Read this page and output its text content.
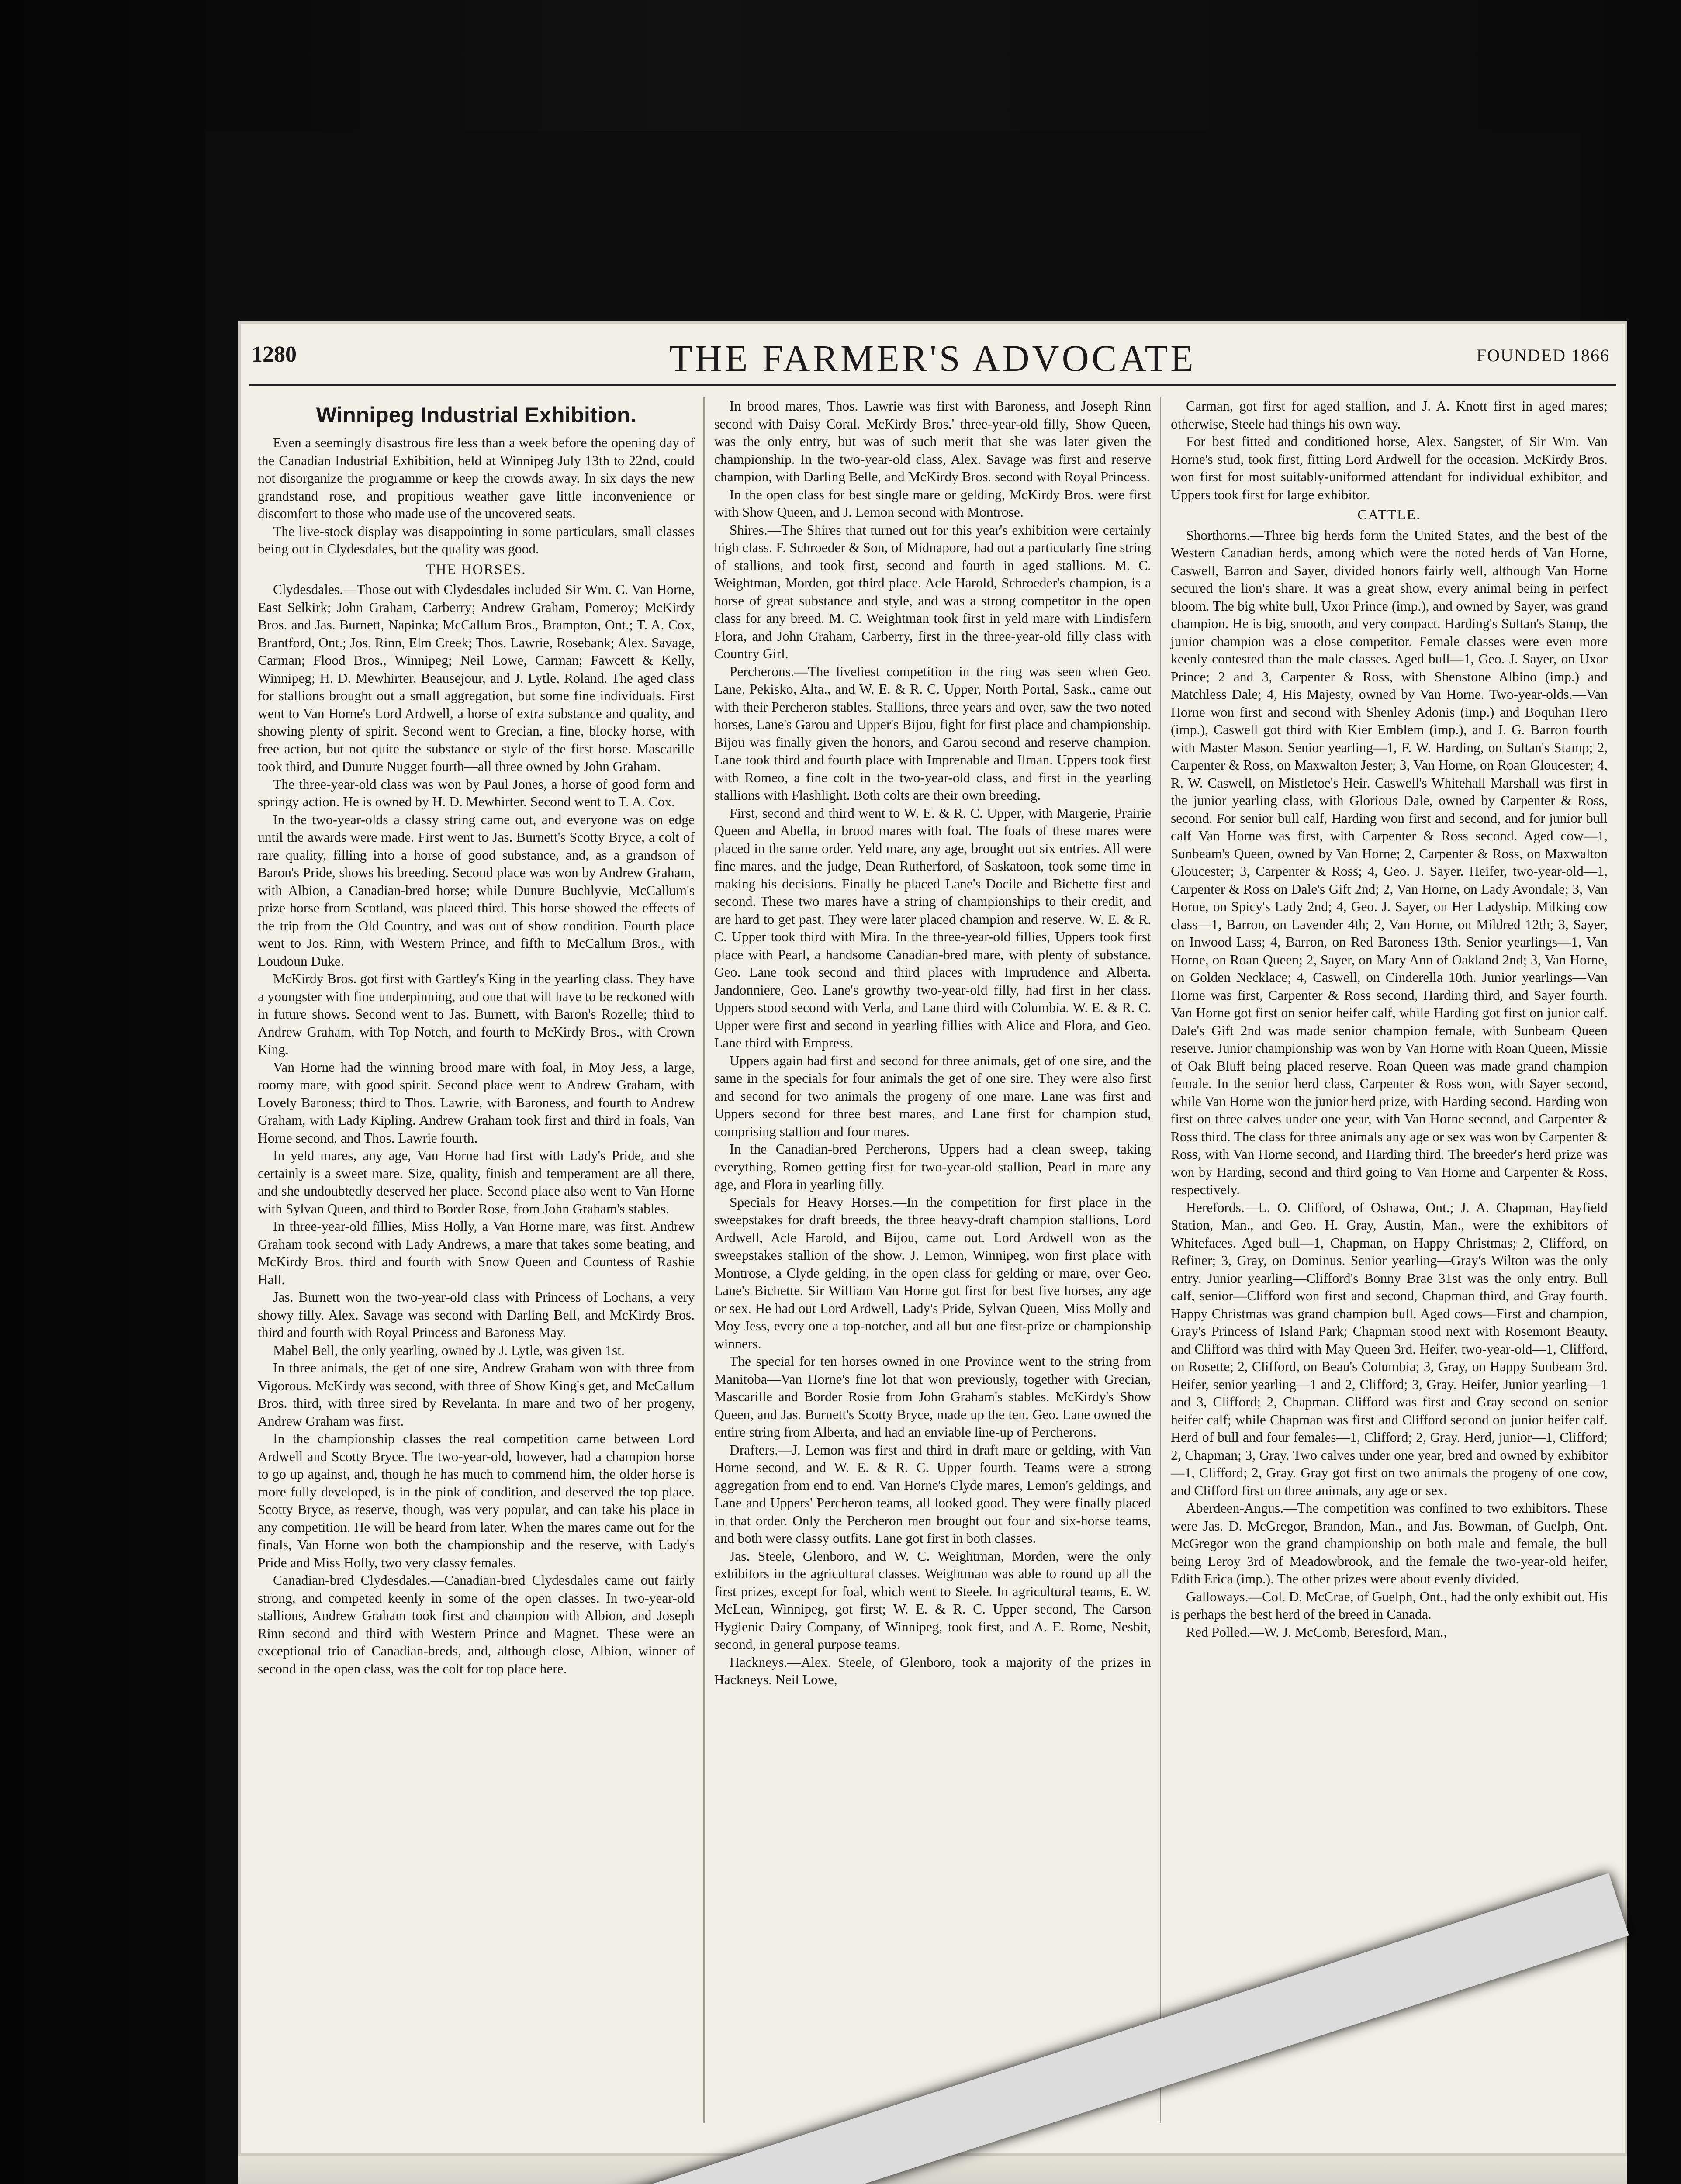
1280	THE FARMER'S ADVOCATE	FOUNDED 1866

Winnipeg Industrial Exhibition.

Even a seemingly disastrous fire less than a week before the opening day of the Canadian Industrial Exhibition, held at Winnipeg July 13th to 22nd, could not disorganize the programme or keep the crowds away. In six days the new grandstand rose, and propitious weather gave little inconvenience or discomfort to those who made use of the uncovered seats.

The live-stock display was disappointing in some particulars, small classes being out in Clydesdales, but the quality was good.

THE HORSES.

Clydesdales.—Those out with Clydesdales included Sir Wm. C. Van Horne, East Selkirk; John Graham, Carberry; Andrew Graham, Pomeroy; McKirdy Bros. and Jas. Burnett, Napinka; McCallum Bros., Brampton, Ont.; T. A. Cox, Brantford, Ont.; Jos. Rinn, Elm Creek; Thos. Lawrie, Rosebank; Alex. Savage, Carman; Flood Bros., Winnipeg; Neil Lowe, Carman; Fawcett & Kelly, Winnipeg; H. D. Mewhirter, Beausejour, and J. Lytle, Roland. The aged class for stallions brought out a small aggregation, but some fine individuals. First went to Van Horne's Lord Ardwell, a horse of extra substance and quality, and showing plenty of spirit. Second went to Grecian, a fine, blocky horse, with free action, but not quite the substance or style of the first horse. Mascarille took third, and Dunure Nugget fourth—all three owned by John Graham.

The three-year-old class was won by Paul Jones, a horse of good form and springy action. He is owned by H. D. Mewhirter. Second went to T. A. Cox.

In the two-year-olds a classy string came out, and everyone was on edge until the awards were made. First went to Jas. Burnett's Scotty Bryce, a colt of rare quality, filling into a horse of good substance, and, as a grandson of Baron's Pride, shows his breeding. Second place was won by Andrew Graham, with Albion, a Canadian-bred horse; while Dunure Buchlyvie, McCallum's prize horse from Scotland, was placed third. This horse showed the effects of the trip from the Old Country, and was out of show condition. Fourth place went to Jos. Rinn, with Western Prince, and fifth to McCallum Bros., with Loudoun Duke.

McKirdy Bros. got first with Gartley's King in the yearling class. They have a youngster with fine underpinning, and one that will have to be reckoned with in future shows. Second went to Jas. Burnett, with Baron's Rozelle; third to Andrew Graham, with Top Notch, and fourth to McKirdy Bros., with Crown King.

Van Horne had the winning brood mare with foal, in Moy Jess, a large, roomy mare, with good spirit. Second place went to Andrew Graham, with Lovely Baroness; third to Thos. Lawrie, with Baroness, and fourth to Andrew Graham, with Lady Kipling. Andrew Graham took first and third in foals, Van Horne second, and Thos. Lawrie fourth.

In yeld mares, any age, Van Horne had first with Lady's Pride, and she certainly is a sweet mare. Size, quality, finish and temperament are all there, and she undoubtedly deserved her place. Second place also went to Van Horne with Sylvan Queen, and third to Border Rose, from John Graham's stables.

In three-year-old fillies, Miss Holly, a Van Horne mare, was first. Andrew Graham took second with Lady Andrews, a mare that takes some beating, and McKirdy Bros. third and fourth with Snow Queen and Countess of Rashie Hall.

Jas. Burnett won the two-year-old class with Princess of Lochans, a very showy filly. Alex. Savage was second with Darling Bell, and McKirdy Bros. third and fourth with Royal Princess and Baroness May.

Mabel Bell, the only yearling, owned by J. Lytle, was given 1st.

In three animals, the get of one sire, Andrew Graham won with three from Vigorous. McKirdy was second, with three of Show King's get, and McCallum Bros. third, with three sired by Revelanta. In mare and two of her progeny, Andrew Graham was first.

In the championship classes the real competition came between Lord Ardwell and Scotty Bryce. The two-year-old, however, had a champion horse to go up against, and, though he has much to commend him, the older horse is more fully developed, is in the pink of condition, and deserved the top place. Scotty Bryce, as reserve, though, was very popular, and can take his place in any competition. He will be heard from later. When the mares came out for the finals, Van Horne won both the championship and the reserve, with Lady's Pride and Miss Holly, two very classy females.

Canadian-bred Clydesdales.—Canadian-bred Clydesdales came out fairly strong, and competed keenly in some of the open classes. In two-year-old stallions, Andrew Graham took first and champion with Albion, and Joseph Rinn second and third with Western Prince and Magnet. These were an exceptional trio of Canadian-breds, and, although close, Albion, winner of second in the open class, was the colt for top place here.

In brood mares, Thos. Lawrie was first with Baroness, and Joseph Rinn second with Daisy Coral. McKirdy Bros.' three-year-old filly, Show Queen, was the only entry, but was of such merit that she was later given the championship. In the two-year-old class, Alex. Savage was first and reserve champion, with Darling Belle, and McKirdy Bros. second with Royal Princess.

In the open class for best single mare or gelding, McKirdy Bros. were first with Show Queen, and J. Lemon second with Montrose.

Shires.—The Shires that turned out for this year's exhibition were certainly high class. F. Schroeder & Son, of Midnapore, had out a particularly fine string of stallions, and took first, second and fourth in aged stallions. M. C. Weightman, Morden, got third place. Acle Harold, Schroeder's champion, is a horse of great substance and style, and was a strong competitor in the open class for any breed. M. C. Weightman took first in yeld mare with Lindisfern Flora, and John Graham, Carberry, first in the three-year-old filly class with Country Girl.

Percherons.—The liveliest competition in the ring was seen when Geo. Lane, Pekisko, Alta., and W. E. & R. C. Upper, North Portal, Sask., came out with their Percheron stables. Stallions, three years and over, saw the two noted horses, Lane's Garou and Upper's Bijou, fight for first place and championship. Bijou was finally given the honors, and Garou second and reserve champion. Lane took third and fourth place with Imprenable and Ilman. Uppers took first with Romeo, a fine colt in the two-year-old class, and first in the yearling stallions with Flashlight. Both colts are their own breeding.

First, second and third went to W. E. & R. C. Upper, with Margerie, Prairie Queen and Abella, in brood mares with foal. The foals of these mares were placed in the same order. Yeld mare, any age, brought out six entries. All were fine mares, and the judge, Dean Rutherford, of Saskatoon, took some time in making his decisions. Finally he placed Lane's Docile and Bichette first and second. These two mares have a string of championships to their credit, and are hard to get past. They were later placed champion and reserve. W. E. & R. C. Upper took third with Mira. In the three-year-old fillies, Uppers took first place with Pearl, a handsome Canadian-bred mare, with plenty of substance. Geo. Lane took second and third places with Imprudence and Alberta. Jandonniere, Geo. Lane's growthy two-year-old filly, had first in her class. Uppers stood second with Verla, and Lane third with Columbia. W. E. & R. C. Upper were first and second in yearling fillies with Alice and Flora, and Geo. Lane third with Empress.

Uppers again had first and second for three animals, get of one sire, and the same in the specials for four animals the get of one sire. They were also first and second for two animals the progeny of one mare. Lane was first and Uppers second for three best mares, and Lane first for champion stud, comprising stallion and four mares.

In the Canadian-bred Percherons, Uppers had a clean sweep, taking everything, Romeo getting first for two-year-old stallion, Pearl in mare any age, and Flora in yearling filly.

Specials for Heavy Horses.—In the competition for first place in the sweepstakes for draft breeds, the three heavy-draft champion stallions, Lord Ardwell, Acle Harold, and Bijou, came out. Lord Ardwell won as the sweepstakes stallion of the show. J. Lemon, Winnipeg, won first place with Montrose, a Clyde gelding, in the open class for gelding or mare, over Geo. Lane's Bichette. Sir William Van Horne got first for best five horses, any age or sex. He had out Lord Ardwell, Lady's Pride, Sylvan Queen, Miss Molly and Moy Jess, every one a top-notcher, and all but one first-prize or championship winners.

The special for ten horses owned in one Province went to the string from Manitoba—Van Horne's fine lot that won previously, together with Grecian, Mascarille and Border Rosie from John Graham's stables. McKirdy's Show Queen, and Jas. Burnett's Scotty Bryce, made up the ten. Geo. Lane owned the entire string from Alberta, and had an enviable line-up of Percherons.

Drafters.—J. Lemon was first and third in draft mare or gelding, with Van Horne second, and W. E. & R. C. Upper fourth. Teams were a strong aggregation from end to end. Van Horne's Clyde mares, Lemon's geldings, and Lane and Uppers' Percheron teams, all looked good. They were finally placed in that order. Only the Percheron men brought out four and six-horse teams, and both were classy outfits. Lane got first in both classes.

Jas. Steele, Glenboro, and W. C. Weightman, Morden, were the only exhibitors in the agricultural classes. Weightman was able to round up all the first prizes, except for foal, which went to Steele. In agricultural teams, E. W. McLean, Winnipeg, got first; W. E. & R. C. Upper second, The Carson Hygienic Dairy Company, of Winnipeg, took first, and A. E. Rome, Nesbit, second, in general purpose teams.

Hackneys.—Alex. Steele, of Glenboro, took a majority of the prizes in Hackneys. Neil Lowe,

Carman, got first for aged stallion, and J. A. Knott first in aged mares; otherwise, Steele had things his own way.

For best fitted and conditioned horse, Alex. Sangster, of Sir Wm. Van Horne's stud, took first, fitting Lord Ardwell for the occasion. McKirdy Bros. won first for most suitably-uniformed attendant for individual exhibitor, and Uppers took first for large exhibitor.

CATTLE.

Shorthorns.—Three big herds form the United States, and the best of the Western Canadian herds, among which were the noted herds of Van Horne, Caswell, Barron and Sayer, divided honors fairly well, although Van Horne secured the lion's share. It was a great show, every animal being in perfect bloom. The big white bull, Uxor Prince (imp.), and owned by Sayer, was grand champion. He is big, smooth, and very compact. Harding's Sultan's Stamp, the junior champion was a close competitor. Female classes were even more keenly contested than the male classes. Aged bull—1, Geo. J. Sayer, on Uxor Prince; 2 and 3, Carpenter & Ross, with Shenstone Albino (imp.) and Matchless Dale; 4, His Majesty, owned by Van Horne. Two-year-olds.—Van Horne won first and second with Shenley Adonis (imp.) and Boquhan Hero (imp.), Caswell got third with Kier Emblem (imp.), and J. G. Barron fourth with Master Mason. Senior yearling—1, F. W. Harding, on Sultan's Stamp; 2, Carpenter & Ross, on Maxwalton Jester; 3, Van Horne, on Roan Gloucester; 4, R. W. Caswell, on Mistletoe's Heir. Caswell's Whitehall Marshall was first in the junior yearling class, with Glorious Dale, owned by Carpenter & Ross, second. For senior bull calf, Harding won first and second, and for junior bull calf Van Horne was first, with Carpenter & Ross second. Aged cow—1, Sunbeam's Queen, owned by Van Horne; 2, Carpenter & Ross, on Maxwalton Gloucester; 3, Carpenter & Ross; 4, Geo. J. Sayer. Heifer, two-year-old—1, Carpenter & Ross on Dale's Gift 2nd; 2, Van Horne, on Lady Avondale; 3, Van Horne, on Spicy's Lady 2nd; 4, Geo. J. Sayer, on Her Ladyship. Milking cow class—1, Barron, on Lavender 4th; 2, Van Horne, on Mildred 12th; 3, Sayer, on Inwood Lass; 4, Barron, on Red Baroness 13th. Senior yearlings—1, Van Horne, on Roan Queen; 2, Sayer, on Mary Ann of Oakland 2nd; 3, Van Horne, on Golden Necklace; 4, Caswell, on Cinderella 10th. Junior yearlings—Van Horne was first, Carpenter & Ross second, Harding third, and Sayer fourth. Van Horne got first on senior heifer calf, while Harding got first on junior calf. Dale's Gift 2nd was made senior champion female, with Sunbeam Queen reserve. Junior championship was won by Van Horne with Roan Queen, Missie of Oak Bluff being placed reserve. Roan Queen was made grand champion female. In the senior herd class, Carpenter & Ross won, with Sayer second, while Van Horne won the junior herd prize, with Harding second. Harding won first on three calves under one year, with Van Horne second, and Carpenter & Ross third. The class for three animals any age or sex was won by Carpenter & Ross, with Van Horne second, and Harding third. The breeder's herd prize was won by Harding, second and third going to Van Horne and Carpenter & Ross, respectively.

Herefords.—L. O. Clifford, of Oshawa, Ont.; J. A. Chapman, Hayfield Station, Man., and Geo. H. Gray, Austin, Man., were the exhibitors of Whitefaces. Aged bull—1, Chapman, on Happy Christmas; 2, Clifford, on Refiner; 3, Gray, on Dominus. Senior yearling—Gray's Wilton was the only entry. Junior yearling—Clifford's Bonny Brae 31st was the only entry. Bull calf, senior—Clifford won first and second, Chapman third, and Gray fourth. Happy Christmas was grand champion bull. Aged cows—First and champion, Gray's Princess of Island Park; Chapman stood next with Rosemont Beauty, and Clifford was third with May Queen 3rd. Heifer, two-year-old—1, Clifford, on Rosette; 2, Clifford, on Beau's Columbia; 3, Gray, on Happy Sunbeam 3rd. Heifer, senior yearling—1 and 2, Clifford; 3, Gray. Heifer, Junior yearling—1 and 3, Clifford; 2, Chapman. Clifford was first and Gray second on senior heifer calf; while Chapman was first and Clifford second on junior heifer calf. Herd of bull and four females—1, Clifford; 2, Gray. Herd, junior—1, Clifford; 2, Chapman; 3, Gray. Two calves under one year, bred and owned by exhibitor—1, Clifford; 2, Gray. Gray got first on two animals the progeny of one cow, and Clifford first on three animals, any age or sex.

Aberdeen-Angus.—The competition was confined to two exhibitors. These were Jas. D. McGregor, Brandon, Man., and Jas. Bowman, of Guelph, Ont. McGregor won the grand championship on both male and female, the bull being Leroy 3rd of Meadowbrook, and the female the two-year-old heifer, Edith Erica (imp.). The other prizes were about evenly divided.

Galloways.—Col. D. McCrae, of Guelph, Ont., had the only exhibit out. His is perhaps the best herd of the breed in Canada.

Red Polled.—W. J. McComb, Beresford, Man.,
